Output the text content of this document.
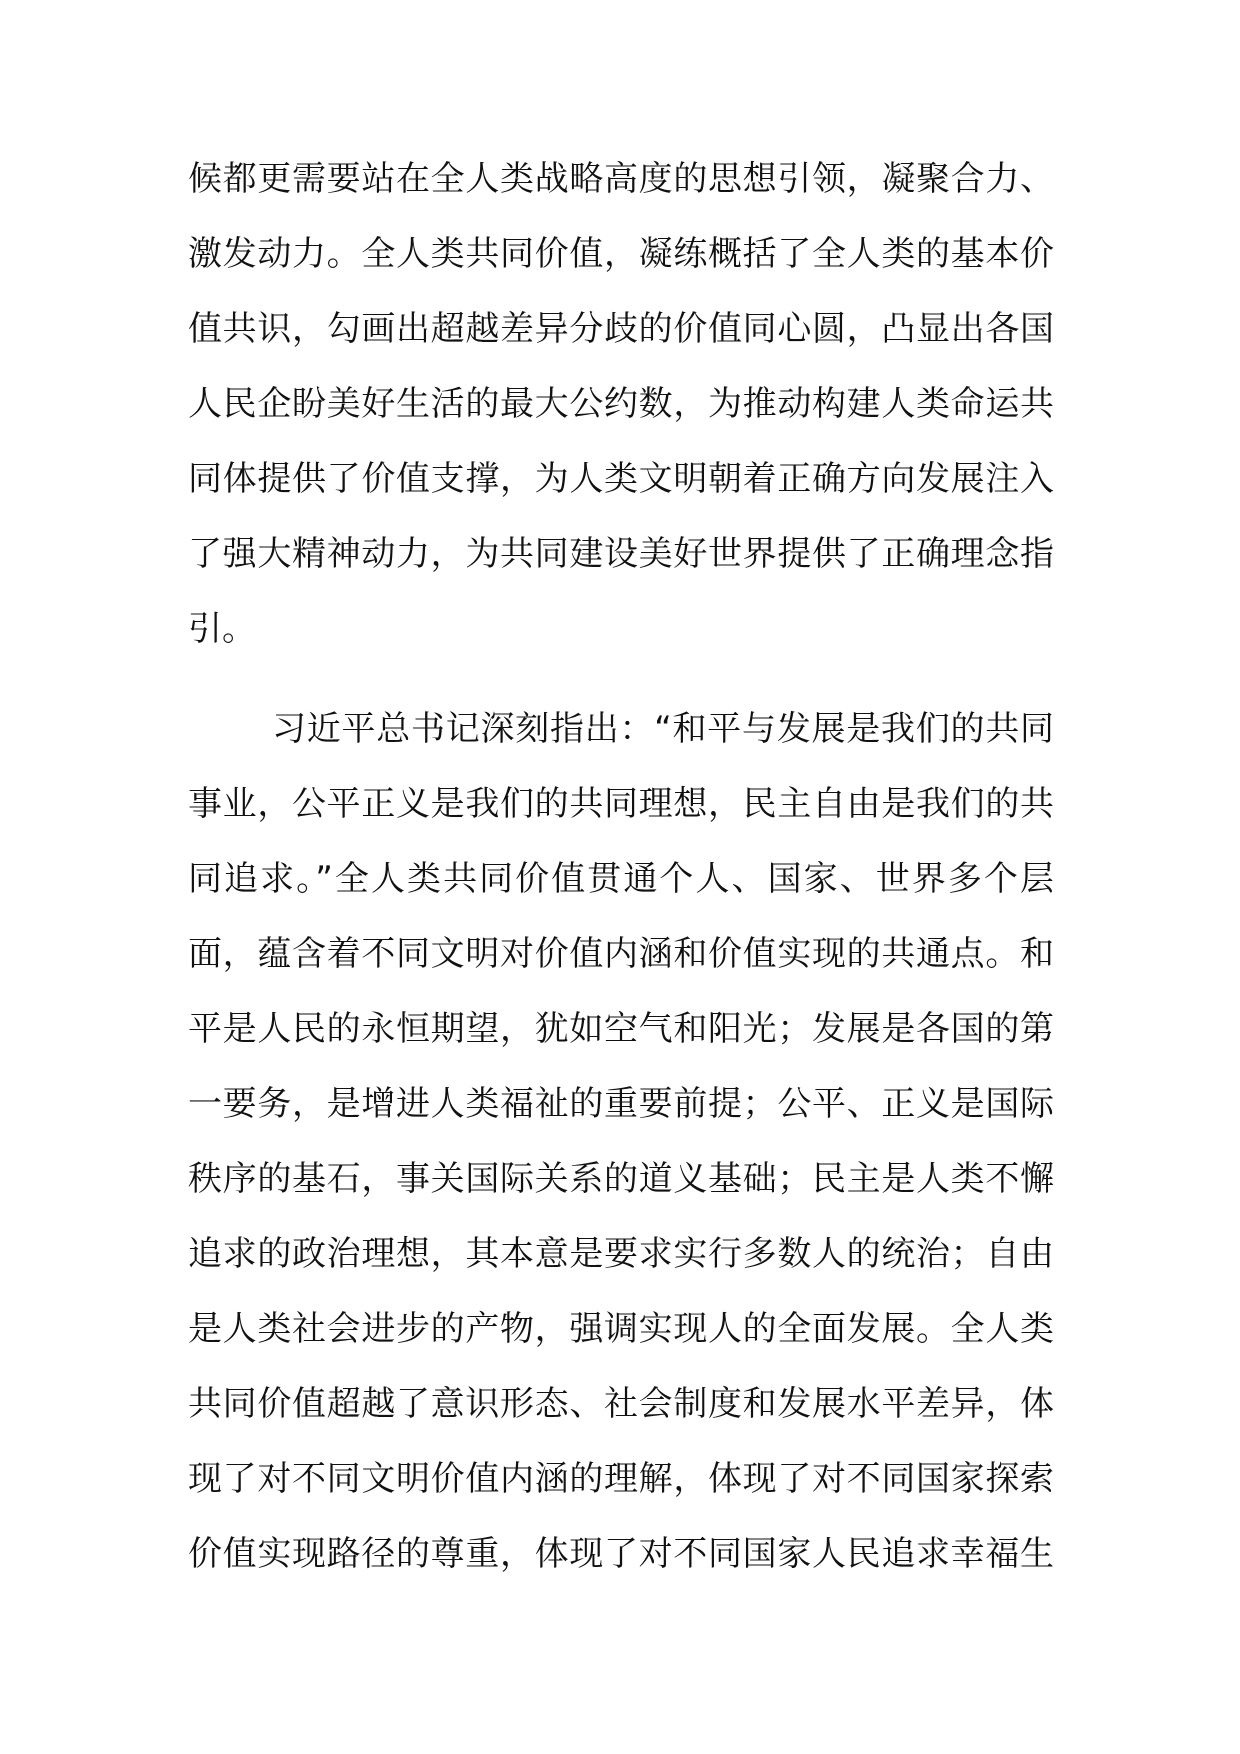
候都更需要站在全人类战略高度的思想引领，凝聚合力、
激发动力。全人类共同价值，凝练概括了全人类的基本价
值共识，勾画出超越差异分歧的价值同心圆，凸显出各国
人民企盼美好生活的最大公约数，为推动构建人类命运共
同体提供了价值支撑，为人类文明朝着正确方向发展注入
了强大精神动力，为共同建设美好世界提供了正确理念指
引。
习近平总书记深刻指出：“和平与发展是我们的共同
事业，公平正义是我们的共同理想，民主自由是我们的共
同追求。”全人类共同价值贯通个人、国家、世界多个层
面，蕴含着不同文明对价值内涵和价值实现的共通点。和
平是人民的永恒期望，犹如空气和阳光；发展是各国的第
一要务，是增进人类福祉的重要前提；公平、正义是国际
秩序的基石，事关国际关系的道义基础；民主是人类不懈
追求的政治理想，其本意是要求实行多数人的统治；自由
是人类社会进步的产物，强调实现人的全面发展。全人类
共同价值超越了意识形态、社会制度和发展水平差异，体
现了对不同文明价值内涵的理解，体现了对不同国家探索
价值实现路径的尊重，体现了对不同国家人民追求幸福生
